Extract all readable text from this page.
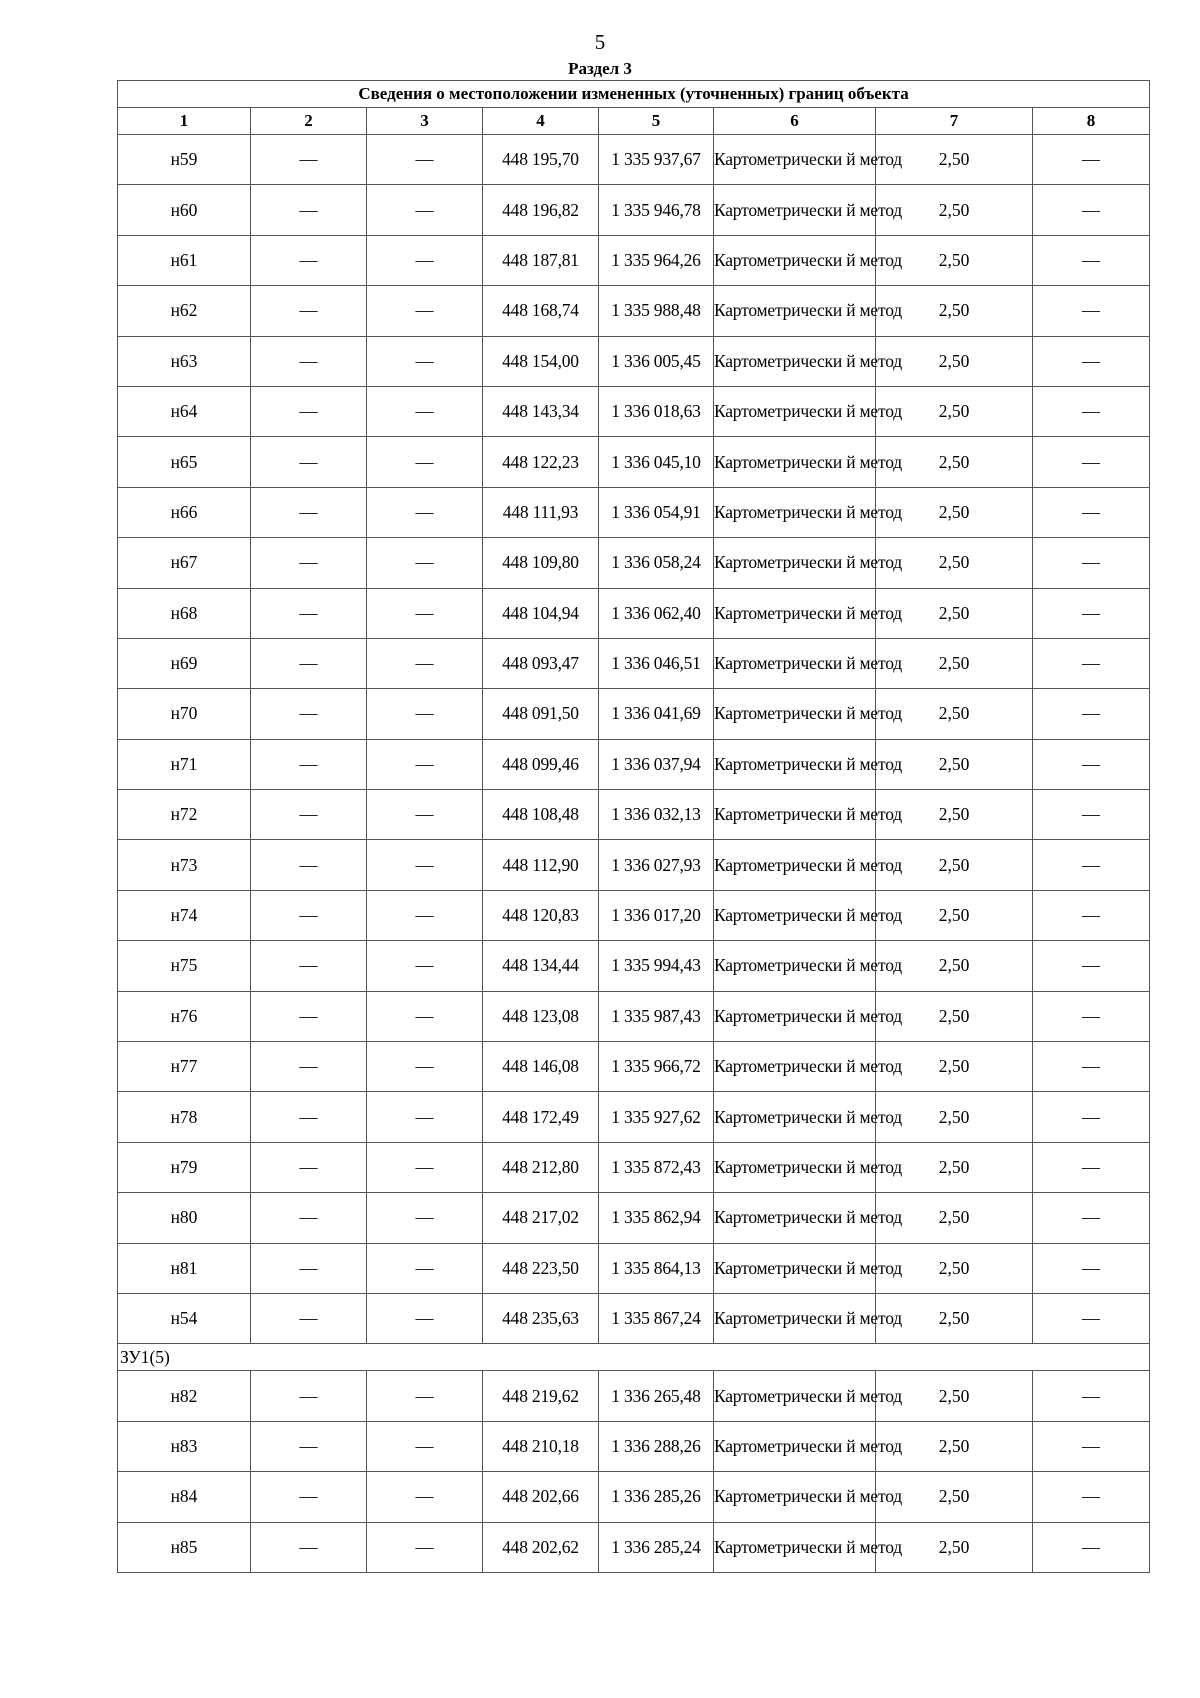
5
Раздел 3
Сведения о местоположении измененных (уточненных) границ объекта							
1	2	3	4	5	6	7	8
н59	—	—	448 195,70	1 335 937,67	Картометрически й метод	2,50	—
н60	—	—	448 196,82	1 335 946,78	Картометрически й метод	2,50	—
н61	—	—	448 187,81	1 335 964,26	Картометрически й метод	2,50	—
н62	—	—	448 168,74	1 335 988,48	Картометрически й метод	2,50	—
н63	—	—	448 154,00	1 336 005,45	Картометрически й метод	2,50	—
н64	—	—	448 143,34	1 336 018,63	Картометрически й метод	2,50	—
н65	—	—	448 122,23	1 336 045,10	Картометрически й метод	2,50	—
н66	—	—	448 111,93	1 336 054,91	Картометрически й метод	2,50	—
н67	—	—	448 109,80	1 336 058,24	Картометрически й метод	2,50	—
н68	—	—	448 104,94	1 336 062,40	Картометрически й метод	2,50	—
н69	—	—	448 093,47	1 336 046,51	Картометрически й метод	2,50	—
н70	—	—	448 091,50	1 336 041,69	Картометрически й метод	2,50	—
н71	—	—	448 099,46	1 336 037,94	Картометрически й метод	2,50	—
н72	—	—	448 108,48	1 336 032,13	Картометрически й метод	2,50	—
н73	—	—	448 112,90	1 336 027,93	Картометрически й метод	2,50	—
н74	—	—	448 120,83	1 336 017,20	Картометрически й метод	2,50	—
н75	—	—	448 134,44	1 335 994,43	Картометрически й метод	2,50	—
н76	—	—	448 123,08	1 335 987,43	Картометрически й метод	2,50	—
н77	—	—	448 146,08	1 335 966,72	Картометрически й метод	2,50	—
н78	—	—	448 172,49	1 335 927,62	Картометрически й метод	2,50	—
н79	—	—	448 212,80	1 335 872,43	Картометрически й метод	2,50	—
н80	—	—	448 217,02	1 335 862,94	Картометрически й метод	2,50	—
н81	—	—	448 223,50	1 335 864,13	Картометрически й метод	2,50	—
н54	—	—	448 235,63	1 335 867,24	Картометрически й метод	2,50	—
ЗУ1(5)							
н82	—	—	448 219,62	1 336 265,48	Картометрически й метод	2,50	—
н83	—	—	448 210,18	1 336 288,26	Картометрически й метод	2,50	—
н84	—	—	448 202,66	1 336 285,26	Картометрически й метод	2,50	—
н85	—	—	448 202,62	1 336 285,24	Картометрически й метод	2,50	—
